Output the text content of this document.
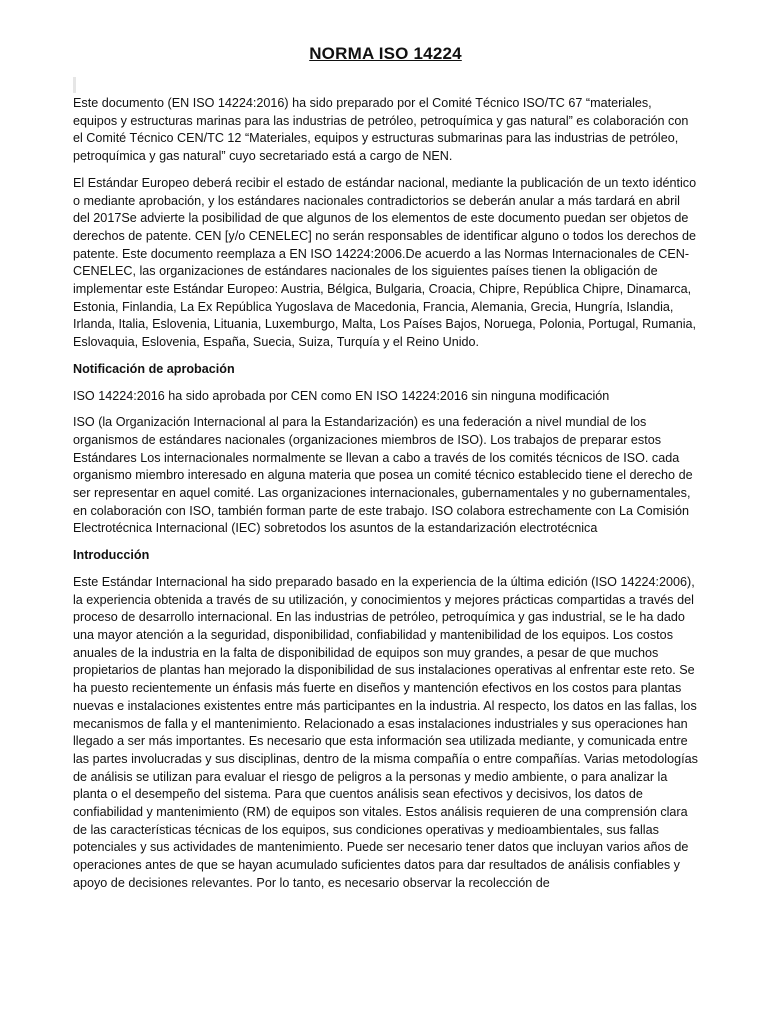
NORMA ISO 14224

Este documento (EN ISO 14224:2016) ha sido preparado por el Comité Técnico ISO/TC 67 “materiales, equipos y estructuras marinas para las industrias de petróleo, petroquímica y gas natural” es colaboración con el Comité Técnico CEN/TC 12 “Materiales, equipos y estructuras submarinas para las industrias de petróleo, petroquímica y gas natural” cuyo secretariado está a cargo de NEN.

El Estándar Europeo deberá recibir el estado de estándar nacional, mediante la publicación de un texto idéntico o mediante aprobación, y los estándares nacionales contradictorios se deberán anular a más tardará en abril del 2017Se advierte la posibilidad de que algunos de los elementos de este documento puedan ser objetos de derechos de patente. CEN [y/o CENELEC] no serán responsables de identificar alguno o todos los derechos de patente. Este documento reemplaza a EN ISO 14224:2006.De acuerdo a las Normas Internacionales de CEN-CENELEC, las organizaciones de estándares nacionales de los siguientes países tienen la obligación de implementar este Estándar Europeo: Austria, Bélgica, Bulgaria, Croacia, Chipre, República Chipre, Dinamarca, Estonia, Finlandia, La Ex República Yugoslava de Macedonia, Francia, Alemania, Grecia, Hungría, Islandia, Irlanda, Italia, Eslovenia, Lituania, Luxemburgo, Malta, Los Países Bajos, Noruega, Polonia, Portugal, Rumania, Eslovaquia, Eslovenia, España, Suecia, Suiza, Turquía y el Reino Unido.

Notificación de aprobación

ISO 14224:2016 ha sido aprobada por CEN como EN ISO 14224:2016 sin ninguna modificación

ISO (la Organización Internacional al para la Estandarización) es una federación a nivel mundial de los organismos de estándares nacionales (organizaciones miembros de ISO). Los trabajos de preparar estos Estándares Los internacionales normalmente se llevan a cabo a través de los comités técnicos de ISO. cada organismo miembro interesado en alguna materia que posea un comité técnico establecido tiene el derecho de ser representar en aquel comité. Las organizaciones internacionales, gubernamentales y no gubernamentales, en colaboración con ISO, también forman parte de este trabajo. ISO colabora estrechamente con La Comisión Electrotécnica Internacional (IEC) sobretodos los asuntos de la estandarización electrotécnica

Introducción

Este Estándar Internacional ha sido preparado basado en la experiencia de la última edición (ISO 14224:2006), la experiencia obtenida a través de su utilización, y conocimientos y mejores prácticas compartidas a través del proceso de desarrollo internacional. En las industrias de petróleo, petroquímica y gas industrial, se le ha dado una mayor atención a la seguridad, disponibilidad, confiabilidad y mantenibilidad de los equipos. Los costos anuales de la industria en la falta de disponibilidad de equipos son muy grandes, a pesar de que muchos propietarios de plantas han mejorado la disponibilidad de sus instalaciones operativas al enfrentar este reto. Se ha puesto recientemente un énfasis más fuerte en diseños y mantención efectivos en los costos para plantas nuevas e instalaciones existentes entre más participantes en la industria. Al respecto, los datos en las fallas, los mecanismos de falla y el mantenimiento. Relacionado a esas instalaciones industriales y sus operaciones han llegado a ser más importantes. Es necesario que esta información sea utilizada mediante, y comunicada entre las partes involucradas y sus disciplinas, dentro de la misma compañía o entre compañías. Varias metodologías de análisis se utilizan para evaluar el riesgo de peligros a la personas y medio ambiente, o para analizar la planta o el desempeño del sistema. Para que cuentos análisis sean efectivos y decisivos, los datos de confiabilidad y mantenimiento (RM) de equipos son vitales. Estos análisis requieren de una comprensión clara de las características técnicas de los equipos, sus condiciones operativas y medioambientales, sus fallas potenciales y sus actividades de mantenimiento. Puede ser necesario tener datos que incluyan varios años de operaciones antes de que se hayan acumulado suficientes datos para dar resultados de análisis confiables y apoyo de decisiones relevantes. Por lo tanto, es necesario observar la recolección de
